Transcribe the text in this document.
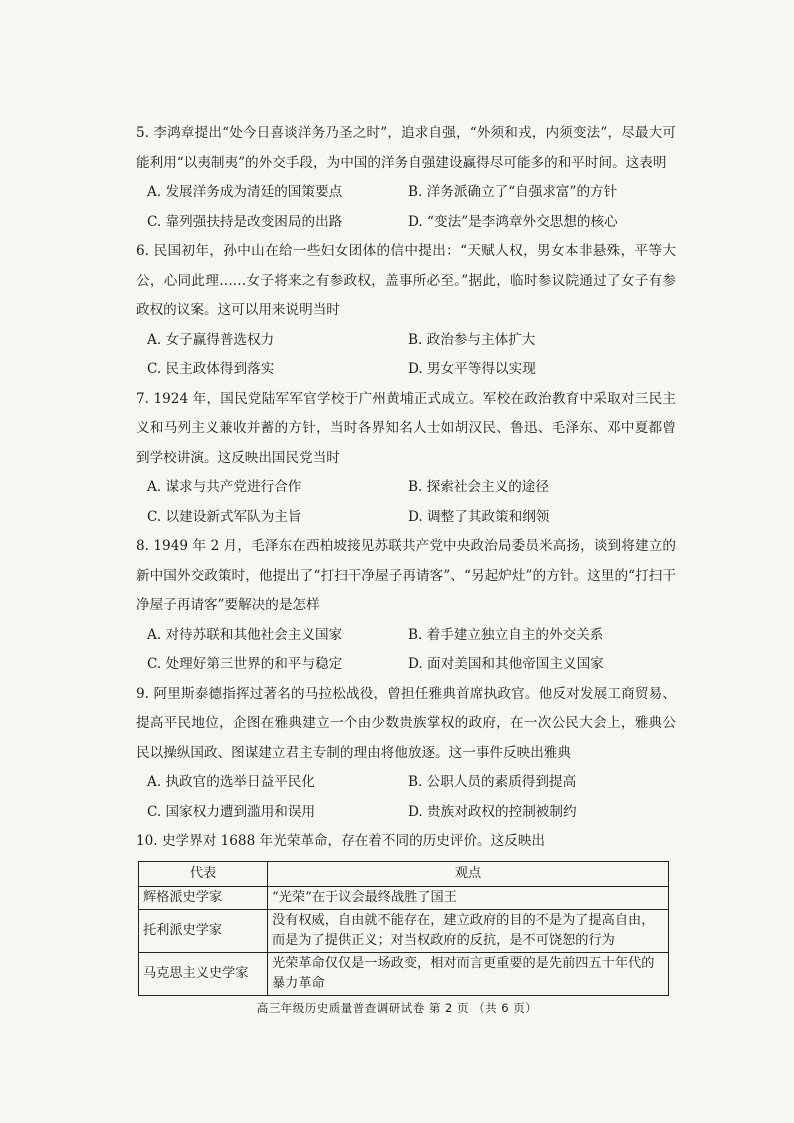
5. 李鸿章提出“处今日喜谈洋务乃圣之时”，追求自强，“外须和戎，内须变法”，尽最大可能利用“以夷制夷”的外交手段，为中国的洋务自强建设赢得尽可能多的和平时间。这表明

A. 发展洋务成为清廷的国策要点	B. 洋务派确立了“自强求富”的方针
C. 靠列强扶持是改变困局的出路	D. “变法”是李鸿章外交思想的核心

6. 民国初年，孙中山在给一些妇女团体的信中提出：“天赋人权，男女本非悬殊，平等大公，心同此理……女子将来之有参政权，盖事所必至。”据此，临时参议院通过了女子有参政权的议案。这可以用来说明当时

A. 女子赢得普选权力	B. 政治参与主体扩大
C. 民主政体得到落实	D. 男女平等得以实现

7. 1924 年，国民党陆军军官学校于广州黄埔正式成立。军校在政治教育中采取对三民主义和马列主义兼收并蓄的方针，当时各界知名人士如胡汉民、鲁迅、毛泽东、邓中夏都曾到学校讲演。这反映出国民党当时

A. 谋求与共产党进行合作	B. 探索社会主义的途径
C. 以建设新式军队为主旨	D. 调整了其政策和纲领

8. 1949 年 2 月，毛泽东在西柏坡接见苏联共产党中央政治局委员米高扬，谈到将建立的新中国外交政策时，他提出了“打扫干净屋子再请客”、“另起炉灶”的方针。这里的“打扫干净屋子再请客”要解决的是怎样

A. 对待苏联和其他社会主义国家	B. 着手建立独立自主的外交关系
C. 处理好第三世界的和平与稳定	D. 面对美国和其他帝国主义国家

9. 阿里斯泰德指挥过著名的马拉松战役，曾担任雅典首席执政官。他反对发展工商贸易、提高平民地位，企图在雅典建立一个由少数贵族掌权的政府，在一次公民大会上，雅典公民以操纵国政、图谋建立君主专制的理由将他放逐。这一事件反映出雅典

A. 执政官的选举日益平民化	B. 公职人员的素质得到提高
C. 国家权力遭到滥用和误用	D. 贵族对政权的控制被制约

10. 史学界对 1688 年光荣革命，存在着不同的历史评价。这反映出

代表	观点
辉格派史学家	“光荣”在于议会最终战胜了国王
托利派史学家	没有权威，自由就不能存在，建立政府的目的不是为了提高自由，而是为了提供正义；对当权政府的反抗，是不可饶恕的行为
马克思主义史学家	光荣革命仅仅是一场政变，相对而言更重要的是先前四五十年代的暴力革命
高三年级历史质量普查调研试卷 第 2 页 （共 6 页）
